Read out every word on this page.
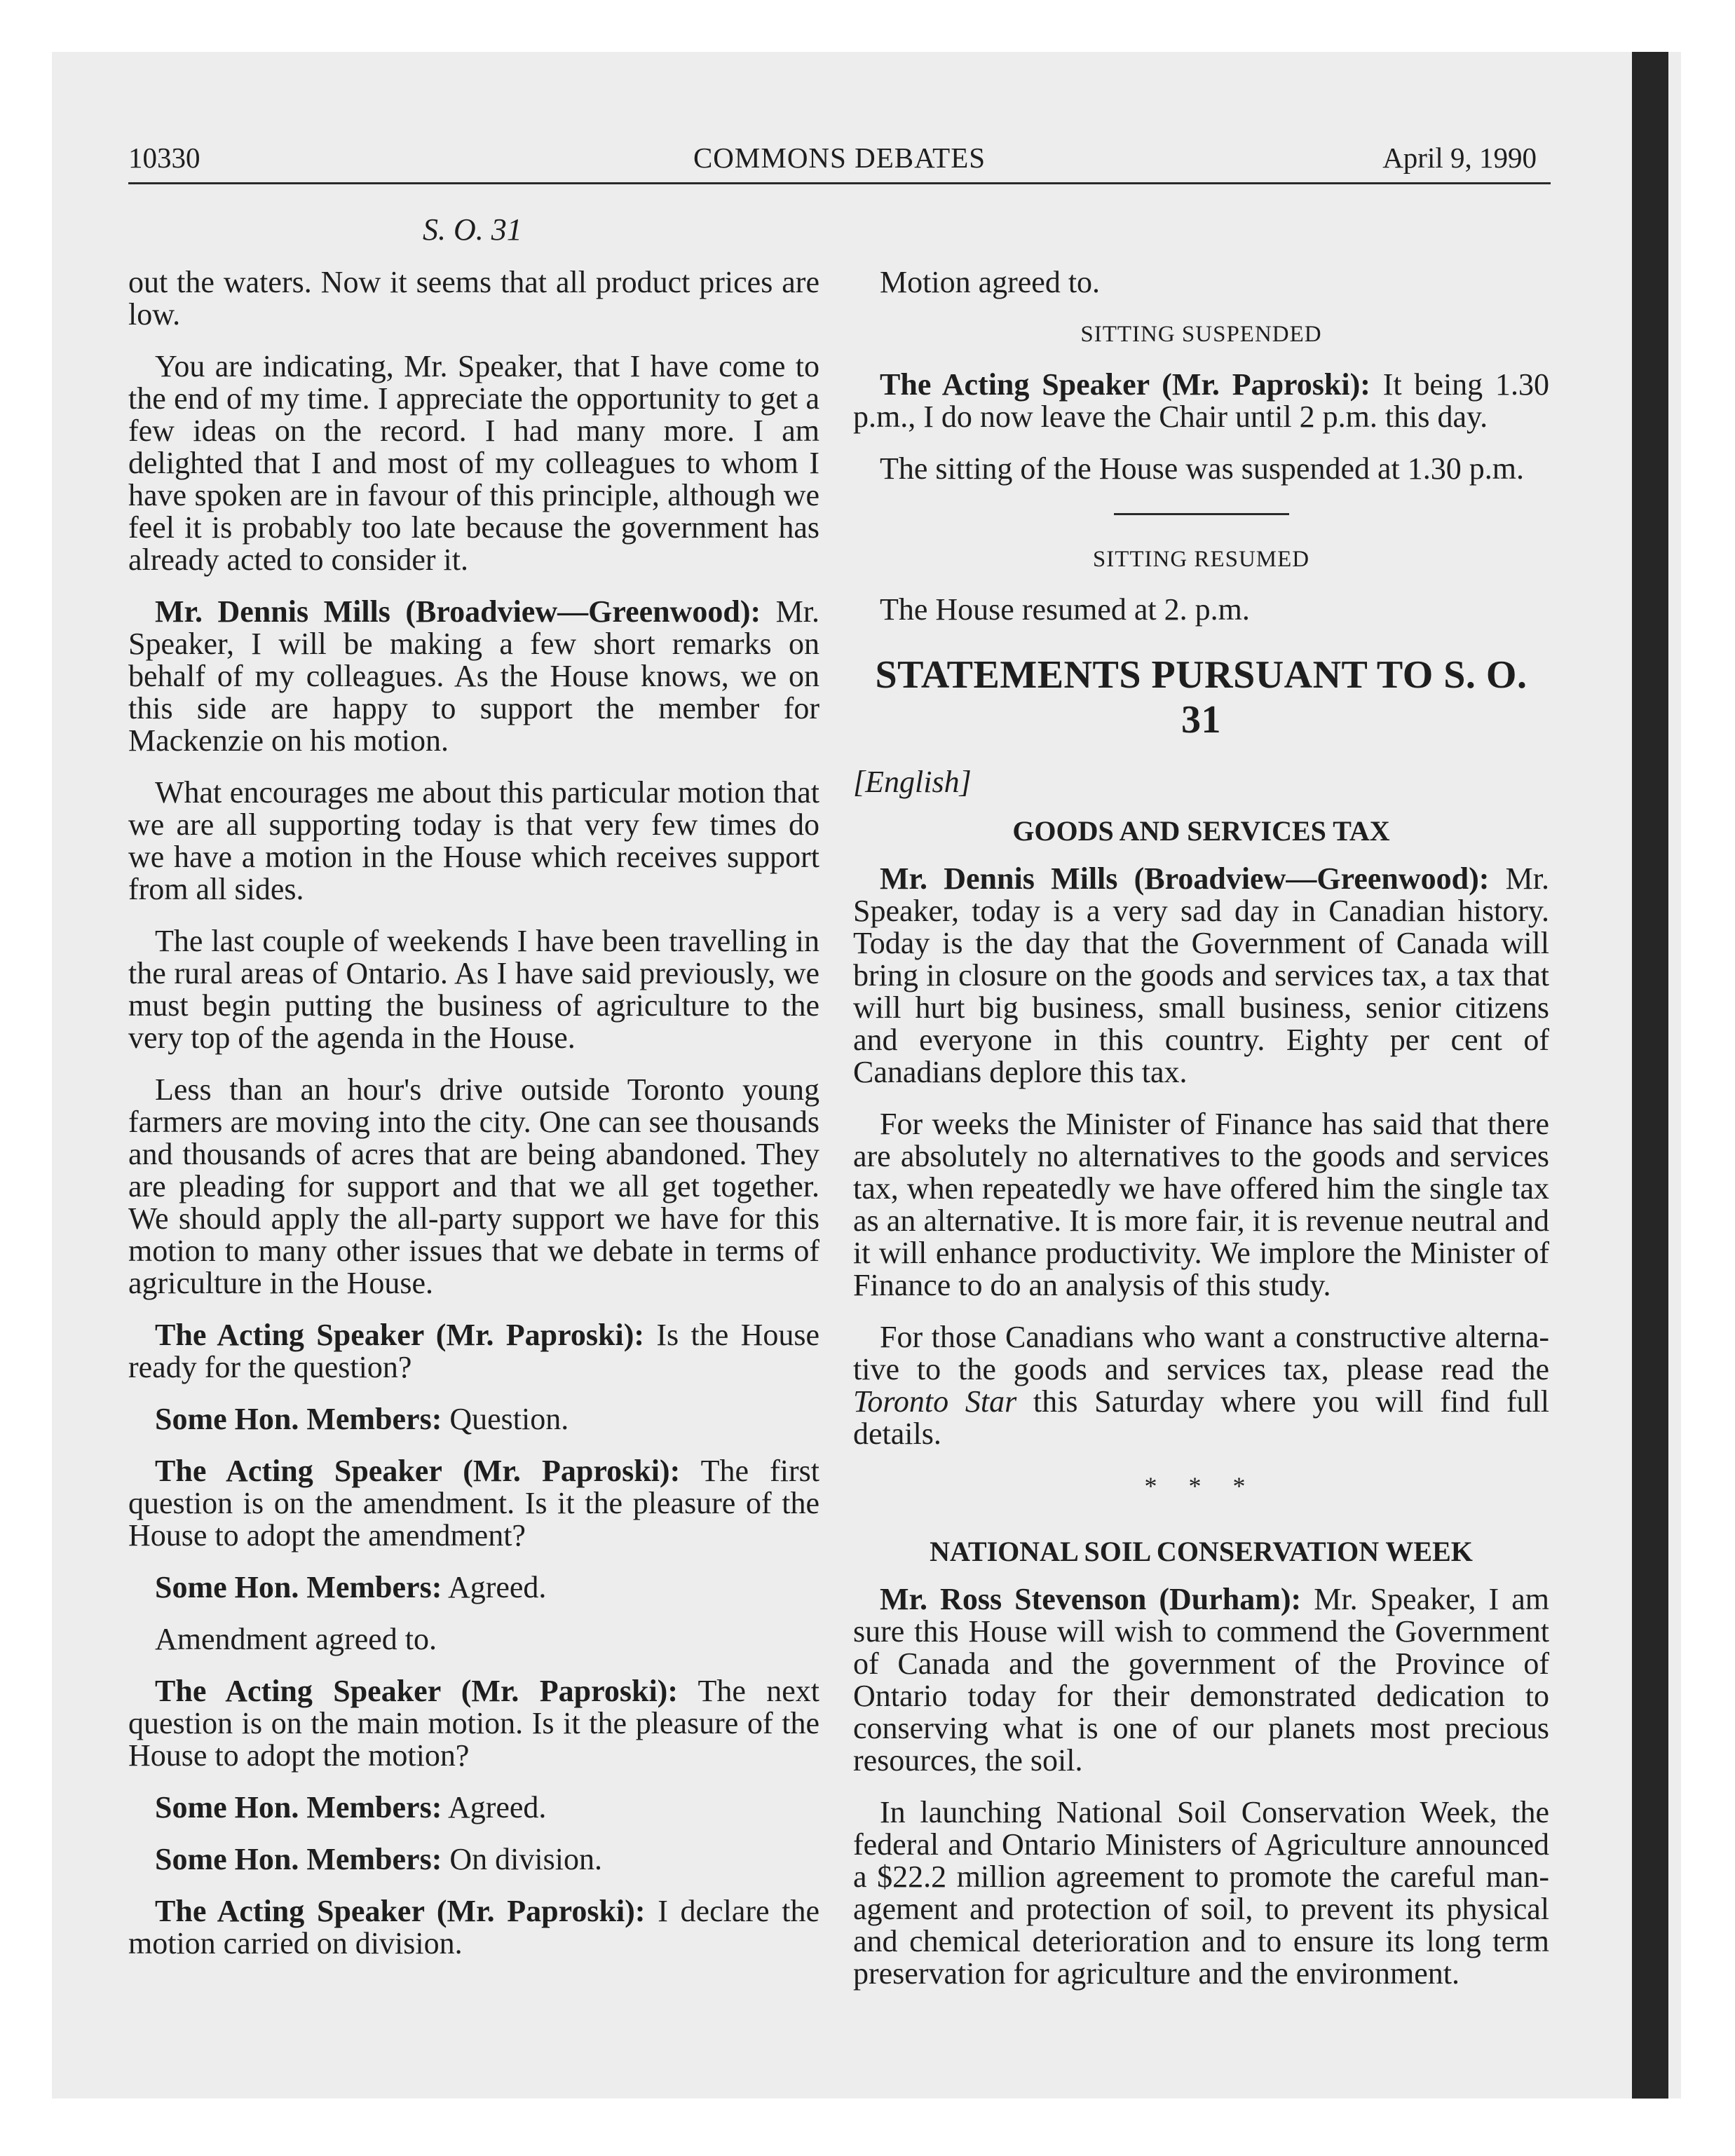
10330	COMMONS DEBATES	April 9, 1990
S. O. 31

out the waters. Now it seems that all product prices are low.

You are indicating, Mr. Speaker, that I have come to the end of my time. I appreciate the opportunity to get a few ideas on the record. I had many more. I am delighted that I and most of my colleagues to whom I have spoken are in favour of this principle, although we feel it is probably too late because the government has already acted to consider it.

Mr. Dennis Mills (Broadview—Greenwood): Mr. Speaker, I will be making a few short remarks on behalf of my colleagues. As the House knows, we on this side are happy to support the member for Mackenzie on his motion.

What encourages me about this particular motion that we are all supporting today is that very few times do we have a motion in the House which receives support from all sides.

The last couple of weekends I have been travelling in the rural areas of Ontario. As I have said previously, we must begin putting the business of agriculture to the very top of the agenda in the House.

Less than an hour's drive outside Toronto young farmers are moving into the city. One can see thousands and thousands of acres that are being abandoned. They are pleading for support and that we all get together. We should apply the all-party support we have for this motion to many other issues that we debate in terms of agriculture in the House.

The Acting Speaker (Mr. Paproski): Is the House ready for the question?

Some Hon. Members: Question.

The Acting Speaker (Mr. Paproski): The first question is on the amendment. Is it the pleasure of the House to adopt the amendment?

Some Hon. Members: Agreed.

Amendment agreed to.

The Acting Speaker (Mr. Paproski): The next question is on the main motion. Is it the pleasure of the House to adopt the motion?

Some Hon. Members: Agreed.

Some Hon. Members: On division.

The Acting Speaker (Mr. Paproski): I declare the motion carried on division.

Motion agreed to.

SITTING SUSPENDED

The Acting Speaker (Mr. Paproski): It being 1.30 p.m., I do now leave the Chair until 2 p.m. this day.

The sitting of the House was suspended at 1.30 p.m.

SITTING RESUMED

The House resumed at 2. p.m.

STATEMENTS PURSUANT TO S. O. 31
[English]
GOODS AND SERVICES TAX

Mr. Dennis Mills (Broadview—Greenwood): Mr. Speaker, today is a very sad day in Canadian history. Today is the day that the Government of Canada will bring in closure on the goods and services tax, a tax that will hurt big business, small business, senior citizens and everyone in this country. Eighty per cent of Canadians deplore this tax.

For weeks the Minister of Finance has said that there are absolutely no alternatives to the goods and services tax, when repeatedly we have offered him the single tax as an alternative. It is more fair, it is revenue neutral and it will enhance productivity. We implore the Minister of Finance to do an analysis of this study.

For those Canadians who want a constructive alterna-tive to the goods and services tax, please read the Toronto Star this Saturday where you will find full details.

* * *
NATIONAL SOIL CONSERVATION WEEK

Mr. Ross Stevenson (Durham): Mr. Speaker, I am sure this House will wish to commend the Government of Canada and the government of the Province of Ontario today for their demonstrated dedication to conserving what is one of our planets most precious resources, the soil.

In launching National Soil Conservation Week, the federal and Ontario Ministers of Agriculture announced a $22.2 million agreement to promote the careful man-agement and protection of soil, to prevent its physical and chemical deterioration and to ensure its long term preservation for agriculture and the environment.
